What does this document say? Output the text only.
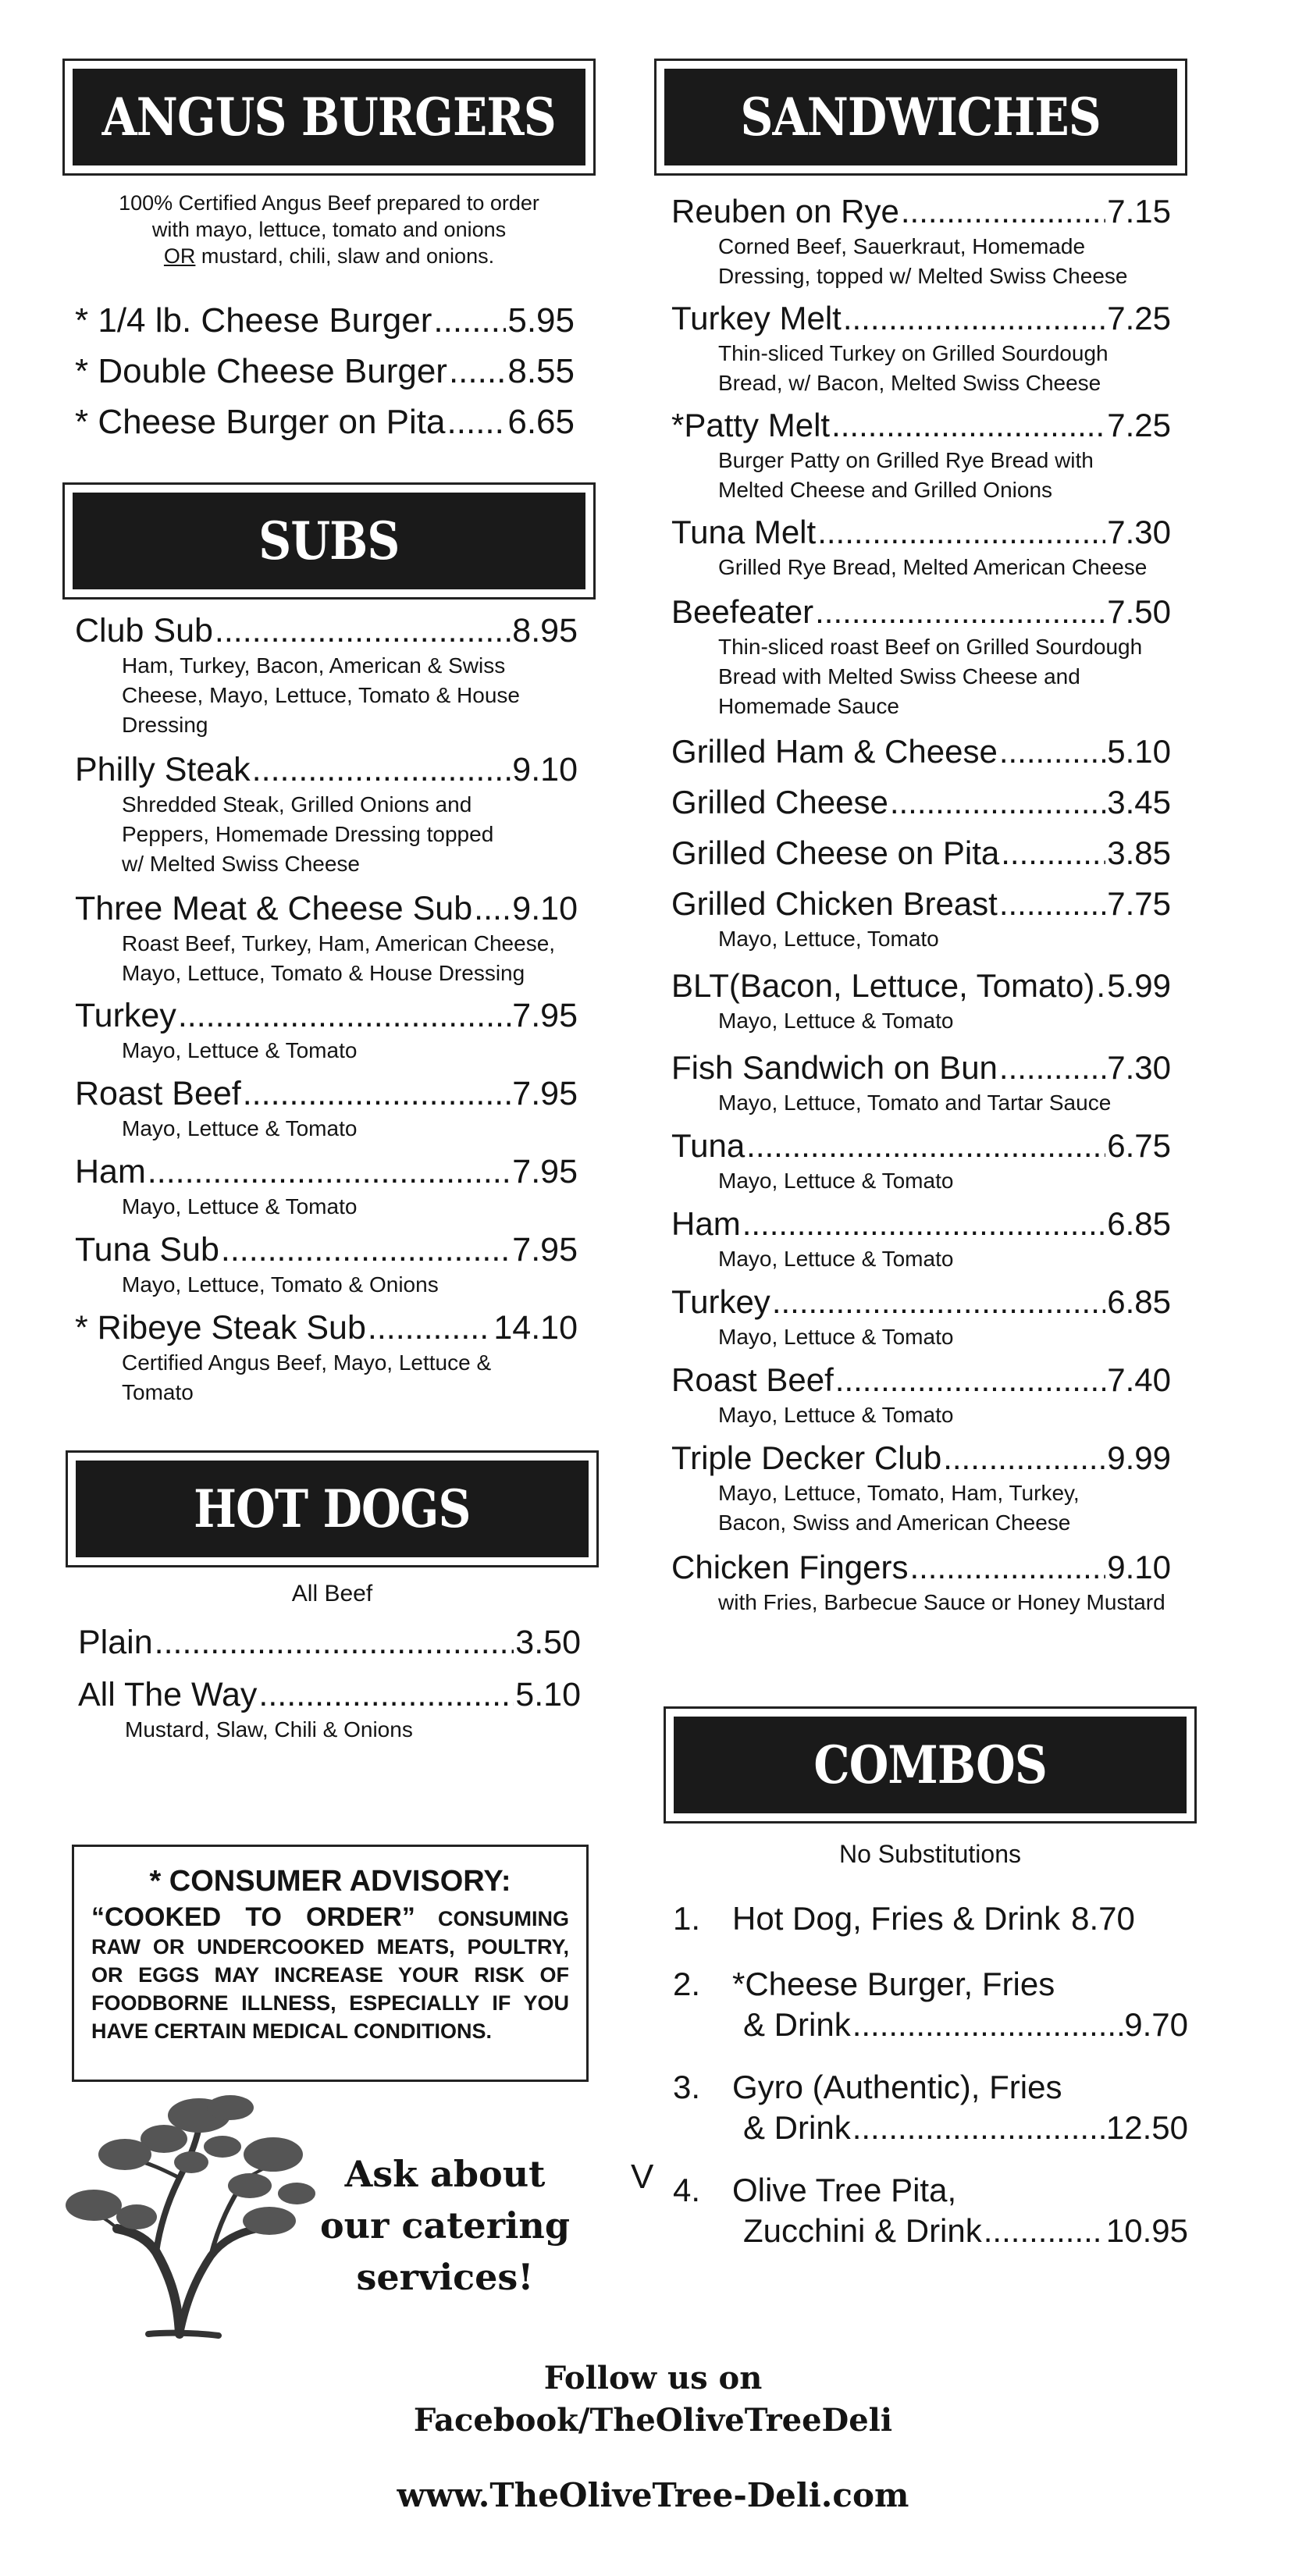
ANGUS BURGERS
100% Certified Angus Beef prepared to order
with mayo, lettuce, tomato and onions
OR mustard, chili, slaw and onions.
* 1/4 lb. Cheese Burger ..... 5.95
* Double Cheese Burger ..... 8.55
* Cheese Burger on Pita ..... 6.65
SUBS
Club Sub .....	8.95
Ham, Turkey, Bacon, American & Swiss
Cheese, Mayo, Lettuce, Tomato & House
Dressing
Philly Steak .....	9.10
Shredded Steak, Grilled Onions and
Peppers, Homemade Dressing topped
w/ Melted Swiss Cheese
Three Meat & Cheese Sub ..... 9.10
Roast Beef, Turkey, Ham, American Cheese,
Mayo, Lettuce, Tomato & House Dressing
Turkey .....	7.95
Mayo, Lettuce & Tomato
Roast Beef .....	7.95
Mayo, Lettuce & Tomato
Ham .....	7.95
Mayo, Lettuce & Tomato
Tuna Sub .....	7.95
Mayo, Lettuce, Tomato & Onions
* Ribeye Steak Sub .....	14.10
Certified Angus Beef, Mayo, Lettuce &
Tomato
HOT DOGS
All Beef
Plain .....	3.50
All The Way .....	5.10
Mustard, Slaw, Chili & Onions
* CONSUMER ADVISORY:
“COOKED TO ORDER” CONSUMING RAW OR UNDERCOOKED MEATS, POULTRY, OR EGGS MAY INCREASE YOUR RISK OF FOODBORNE ILLNESS, ESPECIALLY IF YOU HAVE CERTAIN MEDICAL CONDITIONS.
Ask about
our catering
services!
SANDWICHES
Reuben on Rye .....	7.15
Corned Beef, Sauerkraut, Homemade
Dressing, topped w/ Melted Swiss Cheese
Turkey Melt .....	7.25
Thin-sliced Turkey on Grilled Sourdough
Bread, w/ Bacon, Melted Swiss Cheese
*Patty Melt .....	7.25
Burger Patty on Grilled Rye Bread with
Melted Cheese and Grilled Onions
Tuna Melt .....	7.30
Grilled Rye Bread, Melted American Cheese
Beefeater .....	7.50
Thin-sliced roast Beef on Grilled Sourdough
Bread with Melted Swiss Cheese and
Homemade Sauce
Grilled Ham & Cheese .....	5.10
Grilled Cheese .....	3.45
Grilled Cheese on Pita .....	3.85
Grilled Chicken Breast .....	7.75
Mayo, Lettuce, Tomato
BLT (Bacon, Lettuce, Tomato) ..... 5.99
Mayo, Lettuce & Tomato
Fish Sandwich on Bun .....	7.30
Mayo, Lettuce, Tomato and Tartar Sauce
Tuna .....	6.75
Mayo, Lettuce & Tomato
Ham .....	6.85
Mayo, Lettuce & Tomato
Turkey .....	6.85
Mayo, Lettuce & Tomato
Roast Beef .....	7.40
Mayo, Lettuce & Tomato
Triple Decker Club .....	9.99
Mayo, Lettuce, Tomato, Ham, Turkey,
Bacon, Swiss and American Cheese
Chicken Fingers .....	9.10
with Fries, Barbecue Sauce or Honey Mustard
COMBOS
No Substitutions
V
1. Hot Dog, Fries & Drink 8.70
2. *Cheese Burger, Fries
& Drink .....	9.70
3. Gyro (Authentic), Fries
& Drink .....	12.50
4. Olive Tree Pita,
Zucchini & Drink .....	10.95
Follow us on
Facebook/TheOliveTreeDeli
www.TheOliveTree-Deli.com
